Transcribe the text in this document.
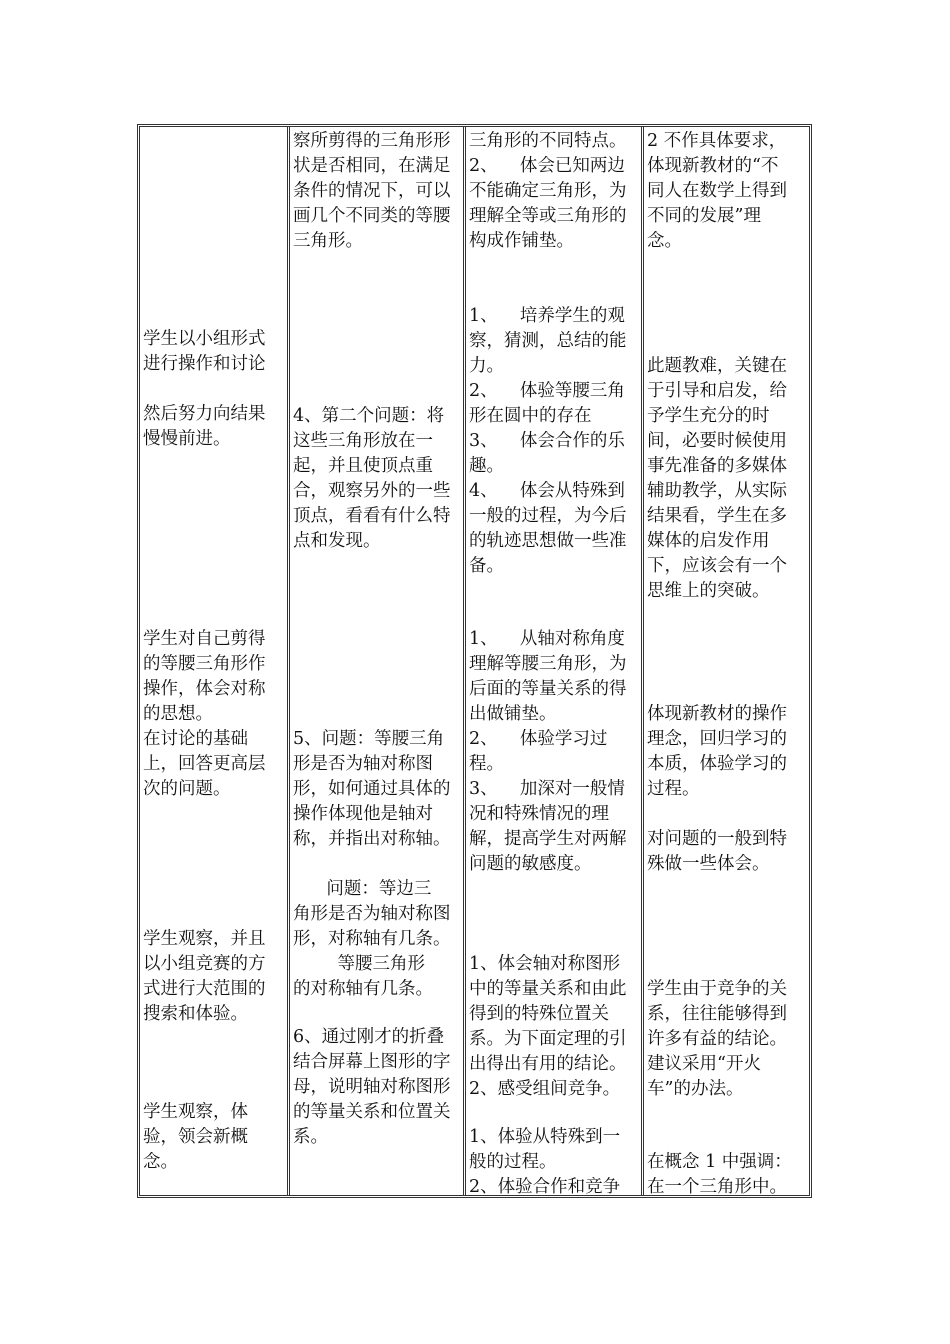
学生以小组形式
进行操作和讨论

然后努力向结果
慢慢前进。

学生对自己剪得
的等腰三角形作
操作，体会对称
的思想。
在讨论的基础
上，回答更高层
次的问题。

学生观察，并且
以小组竞赛的方
式进行大范围的
搜索和体验。

学生观察，体
验，领会新概
念。

察所剪得的三角形形
状是否相同，在满足
条件的情况下，可以
画几个不同类的等腰
三角形。

4、第二个问题：将
这些三角形放在一
起，并且使顶点重
合，观察另外的一些
顶点，看看有什么特
点和发现。

5、问题：等腰三角
形是否为轴对称图
形，如何通过具体的
操作体现他是轴对
称，并指出对称轴。

问题：等边三
角形是否为轴对称图
形，对称轴有几条。
等腰三角形
的对称轴有几条。

6、通过刚才的折叠
结合屏幕上图形的字
母，说明轴对称图形
的等量关系和位置关
系。

三角形的不同特点。
2、    体会已知两边
不能确定三角形，为
理解全等或三角形的
构成作铺垫。

1、    培养学生的观
察，猜测，总结的能
力。
2、    体验等腰三角
形在圆中的存在
3、    体会合作的乐
趣。
4、    体会从特殊到
一般的过程，为今后
的轨迹思想做一些准
备。

1、    从轴对称角度
理解等腰三角形，为
后面的等量关系的得
出做铺垫。
2、    体验学习过
程。
3、    加深对一般情
况和特殊情况的理
解，提高学生对两解
问题的敏感度。

1、体会轴对称图形
中的等量关系和由此
得到的特殊位置关
系。为下面定理的引
出得出有用的结论。
2、感受组间竞争。

1、体验从特殊到一
般的过程。
2、体验合作和竞争

2 不作具体要求，
体现新教材的“不
同人在数学上得到
不同的发展”理
念。

此题教难，关键在
于引导和启发，给
予学生充分的时
间，必要时候使用
事先准备的多媒体
辅助教学，从实际
结果看，学生在多
媒体的启发作用
下，应该会有一个
思维上的突破。

体现新教材的操作
理念，回归学习的
本质，体验学习的
过程。

对问题的一般到特
殊做一些体会。

学生由于竞争的关
系，往往能够得到
许多有益的结论。
建议采用“开火
车”的办法。

在概念 1 中强调：
在一个三角形中。
